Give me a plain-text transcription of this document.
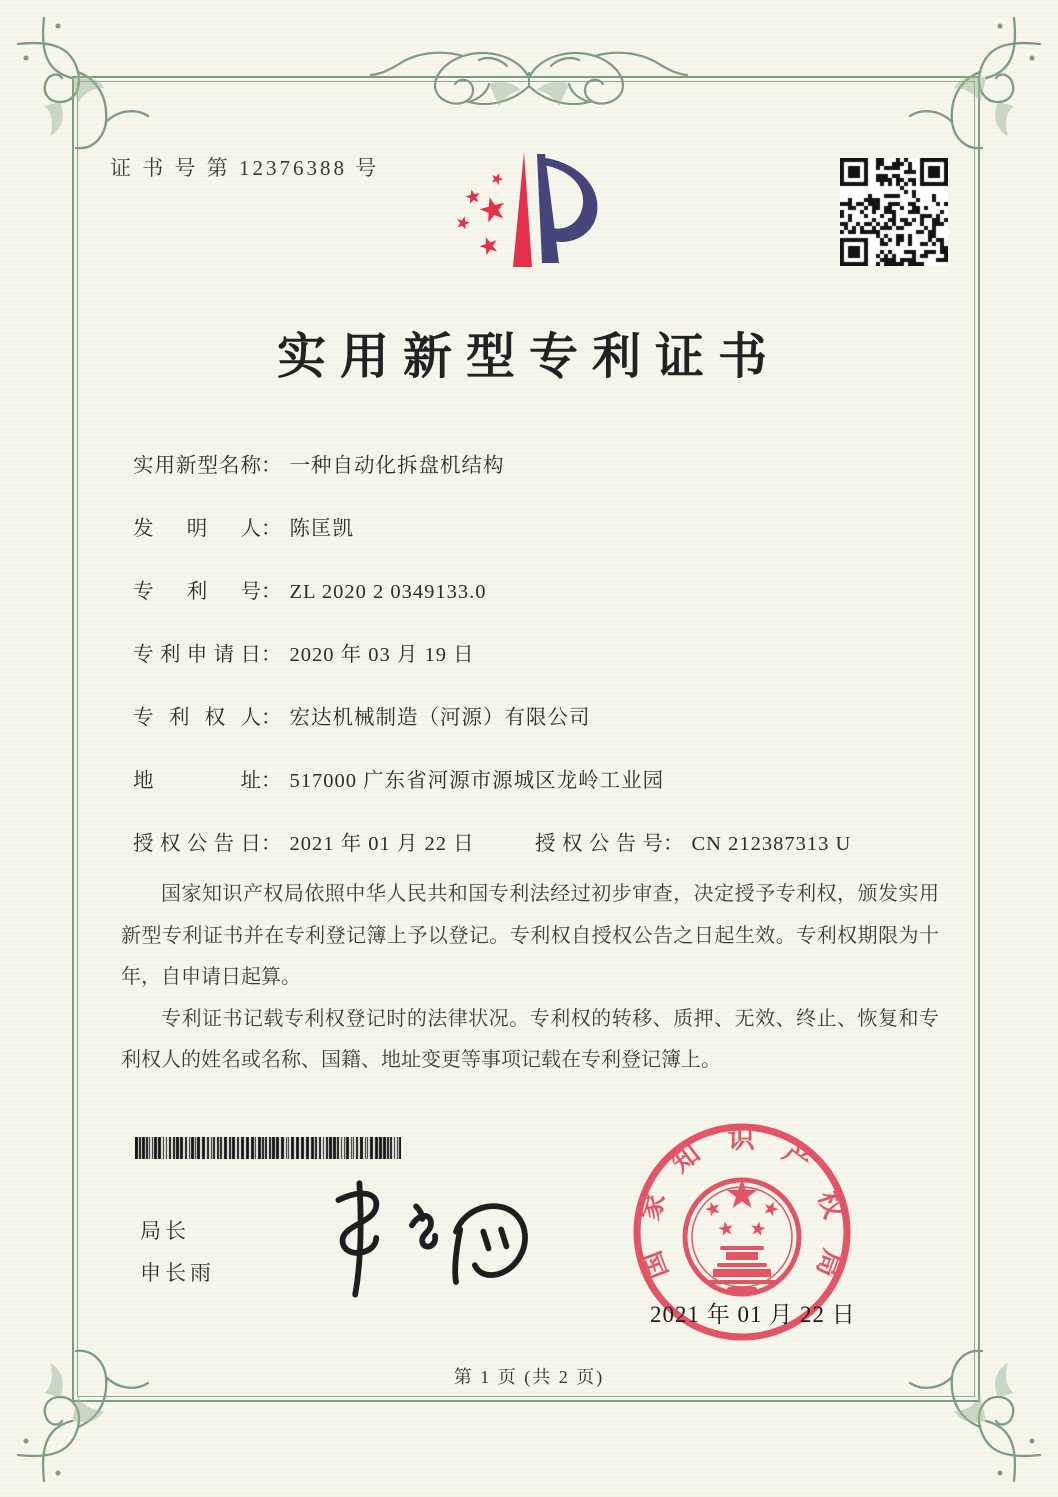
证 书 号 第 12376388 号
实用新型专利证书
实用新型名称： 一种自动化拆盘机结构
发明人： 陈匡凯
专利号： ZL 2020 2 0349133.0
专利申请日： 2020 年 03 月 19 日
专利权人： 宏达机械制造（河源）有限公司
地址： 517000 广东省河源市源城区龙岭工业园
授权公告日： 2021 年 01 月 22 日	授权公告号： CN 212387313 U

国家知识产权局依照中华人民共和国专利法经过初步审查，决定授予专利权，颁发实用新型专利证书并在专利登记簿上予以登记。专利权自授权公告之日起生效。专利权期限为十年，自申请日起算。

专利证书记载专利权登记时的法律状况。专利权的转移、质押、无效、终止、恢复和专利权人的姓名或名称、国籍、地址变更等事项记载在专利登记簿上。

局长
申长雨	国家知识产权局
2021 年 01 月 22 日
第 1 页 (共 2 页)
